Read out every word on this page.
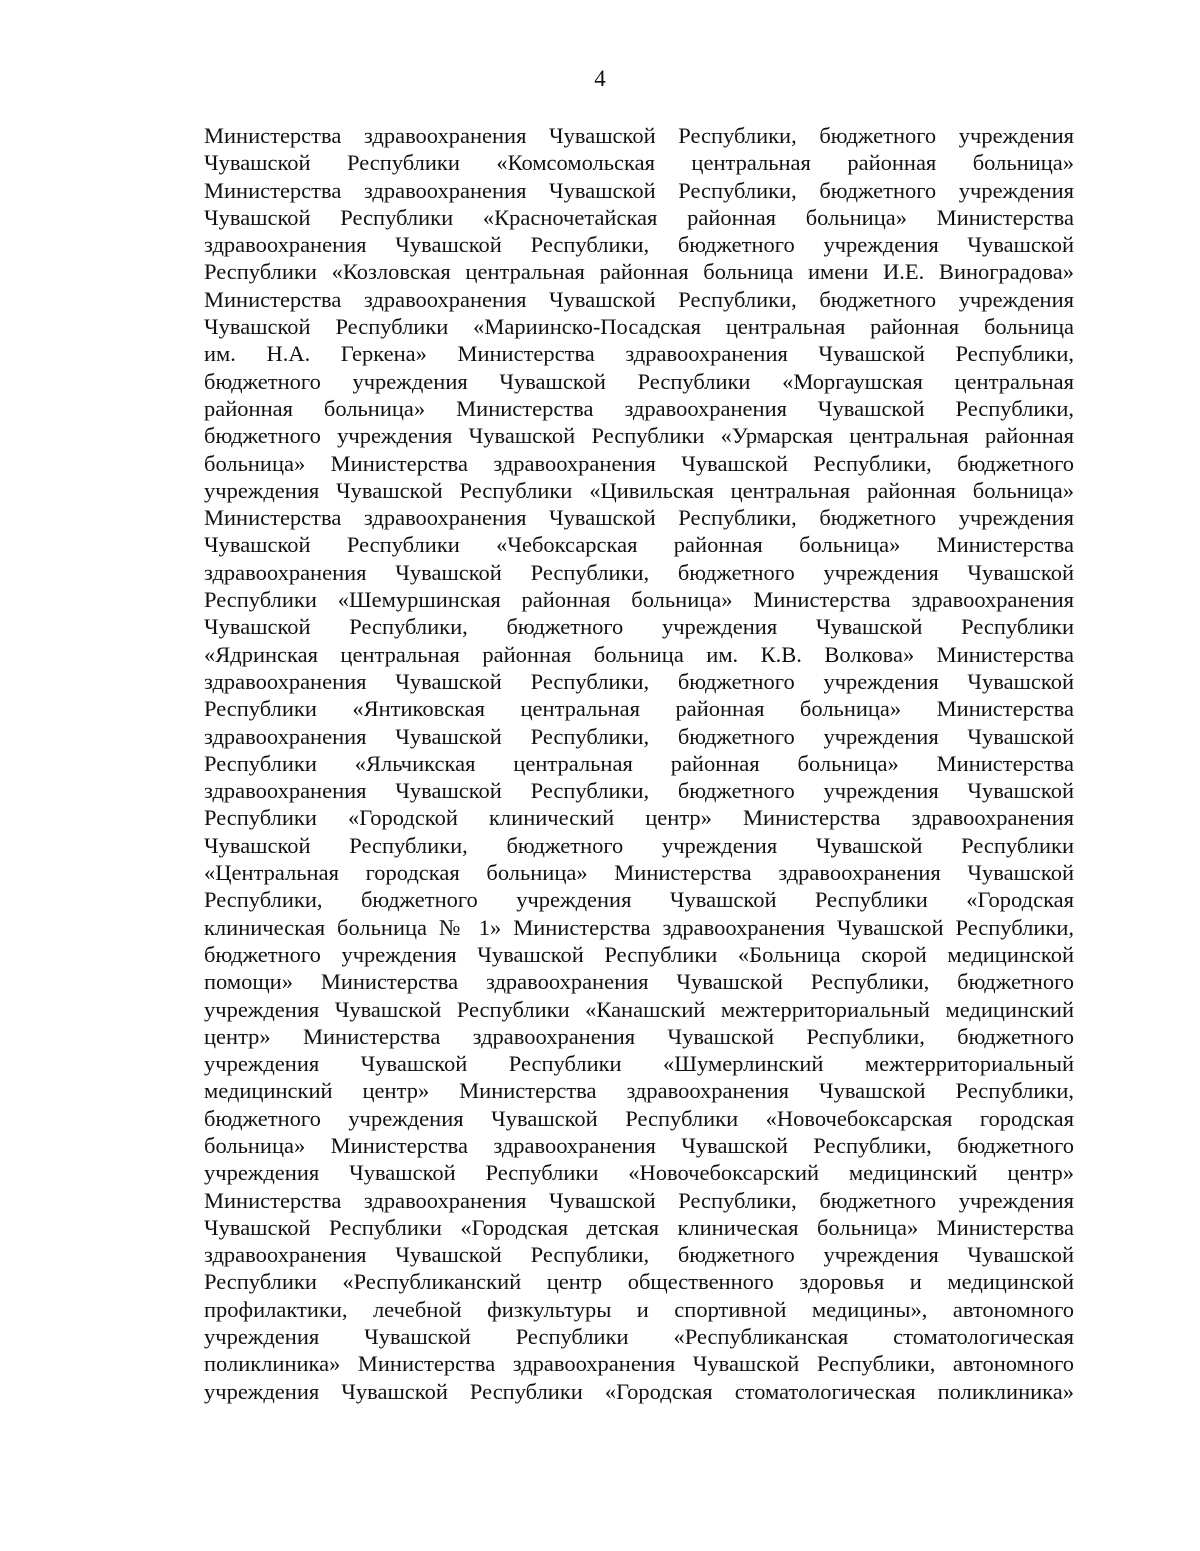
4
Министерства здравоохранения Чувашской Республики, бюджетного учреждения
Чувашской Республики «Комсомольская центральная районная больница»
Министерства здравоохранения Чувашской Республики, бюджетного учреждения
Чувашской Республики «Красночетайская районная больница» Министерства
здравоохранения Чувашской Республики, бюджетного учреждения Чувашской
Республики «Козловская центральная районная больница имени И.Е. Виноградова»
Министерства здравоохранения Чувашской Республики, бюджетного учреждения
Чувашской Республики «Мариинско-Посадская центральная районная больница
им. Н.А. Геркена» Министерства здравоохранения Чувашской Республики,
бюджетного учреждения Чувашской Республики «Моргаушская центральная
районная больница» Министерства здравоохранения Чувашской Республики,
бюджетного учреждения Чувашской Республики «Урмарская центральная районная
больница» Министерства здравоохранения Чувашской Республики, бюджетного
учреждения Чувашской Республики «Цивильская центральная районная больница»
Министерства здравоохранения Чувашской Республики, бюджетного учреждения
Чувашской Республики «Чебоксарская районная больница» Министерства
здравоохранения Чувашской Республики, бюджетного учреждения Чувашской
Республики «Шемуршинская районная больница» Министерства здравоохранения
Чувашской Республики, бюджетного учреждения Чувашской Республики
«Ядринская центральная районная больница им. К.В. Волкова» Министерства
здравоохранения Чувашской Республики, бюджетного учреждения Чувашской
Республики «Янтиковская центральная районная больница» Министерства
здравоохранения Чувашской Республики, бюджетного учреждения Чувашской
Республики «Яльчикская центральная районная больница» Министерства
здравоохранения Чувашской Республики, бюджетного учреждения Чувашской
Республики «Городской клинический центр» Министерства здравоохранения
Чувашской Республики, бюджетного учреждения Чувашской Республики
«Центральная городская больница» Министерства здравоохранения Чувашской
Республики, бюджетного учреждения Чувашской Республики «Городская
клиническая больница № 1» Министерства здравоохранения Чувашской Республики,
бюджетного учреждения Чувашской Республики «Больница скорой медицинской
помощи» Министерства здравоохранения Чувашской Республики, бюджетного
учреждения Чувашской Республики «Канашский межтерриториальный медицинский
центр» Министерства здравоохранения Чувашской Республики, бюджетного
учреждения Чувашской Республики «Шумерлинский межтерриториальный
медицинский центр» Министерства здравоохранения Чувашской Республики,
бюджетного учреждения Чувашской Республики «Новочебоксарская городская
больница» Министерства здравоохранения Чувашской Республики, бюджетного
учреждения Чувашской Республики «Новочебоксарский медицинский центр»
Министерства здравоохранения Чувашской Республики, бюджетного учреждения
Чувашской Республики «Городская детская клиническая больница» Министерства
здравоохранения Чувашской Республики, бюджетного учреждения Чувашской
Республики «Республиканский центр общественного здоровья и медицинской
профилактики, лечебной физкультуры и спортивной медицины», автономного
учреждения Чувашской Республики «Республиканская стоматологическая
поликлиника» Министерства здравоохранения Чувашской Республики, автономного
учреждения Чувашской Республики «Городская стоматологическая поликлиника»
